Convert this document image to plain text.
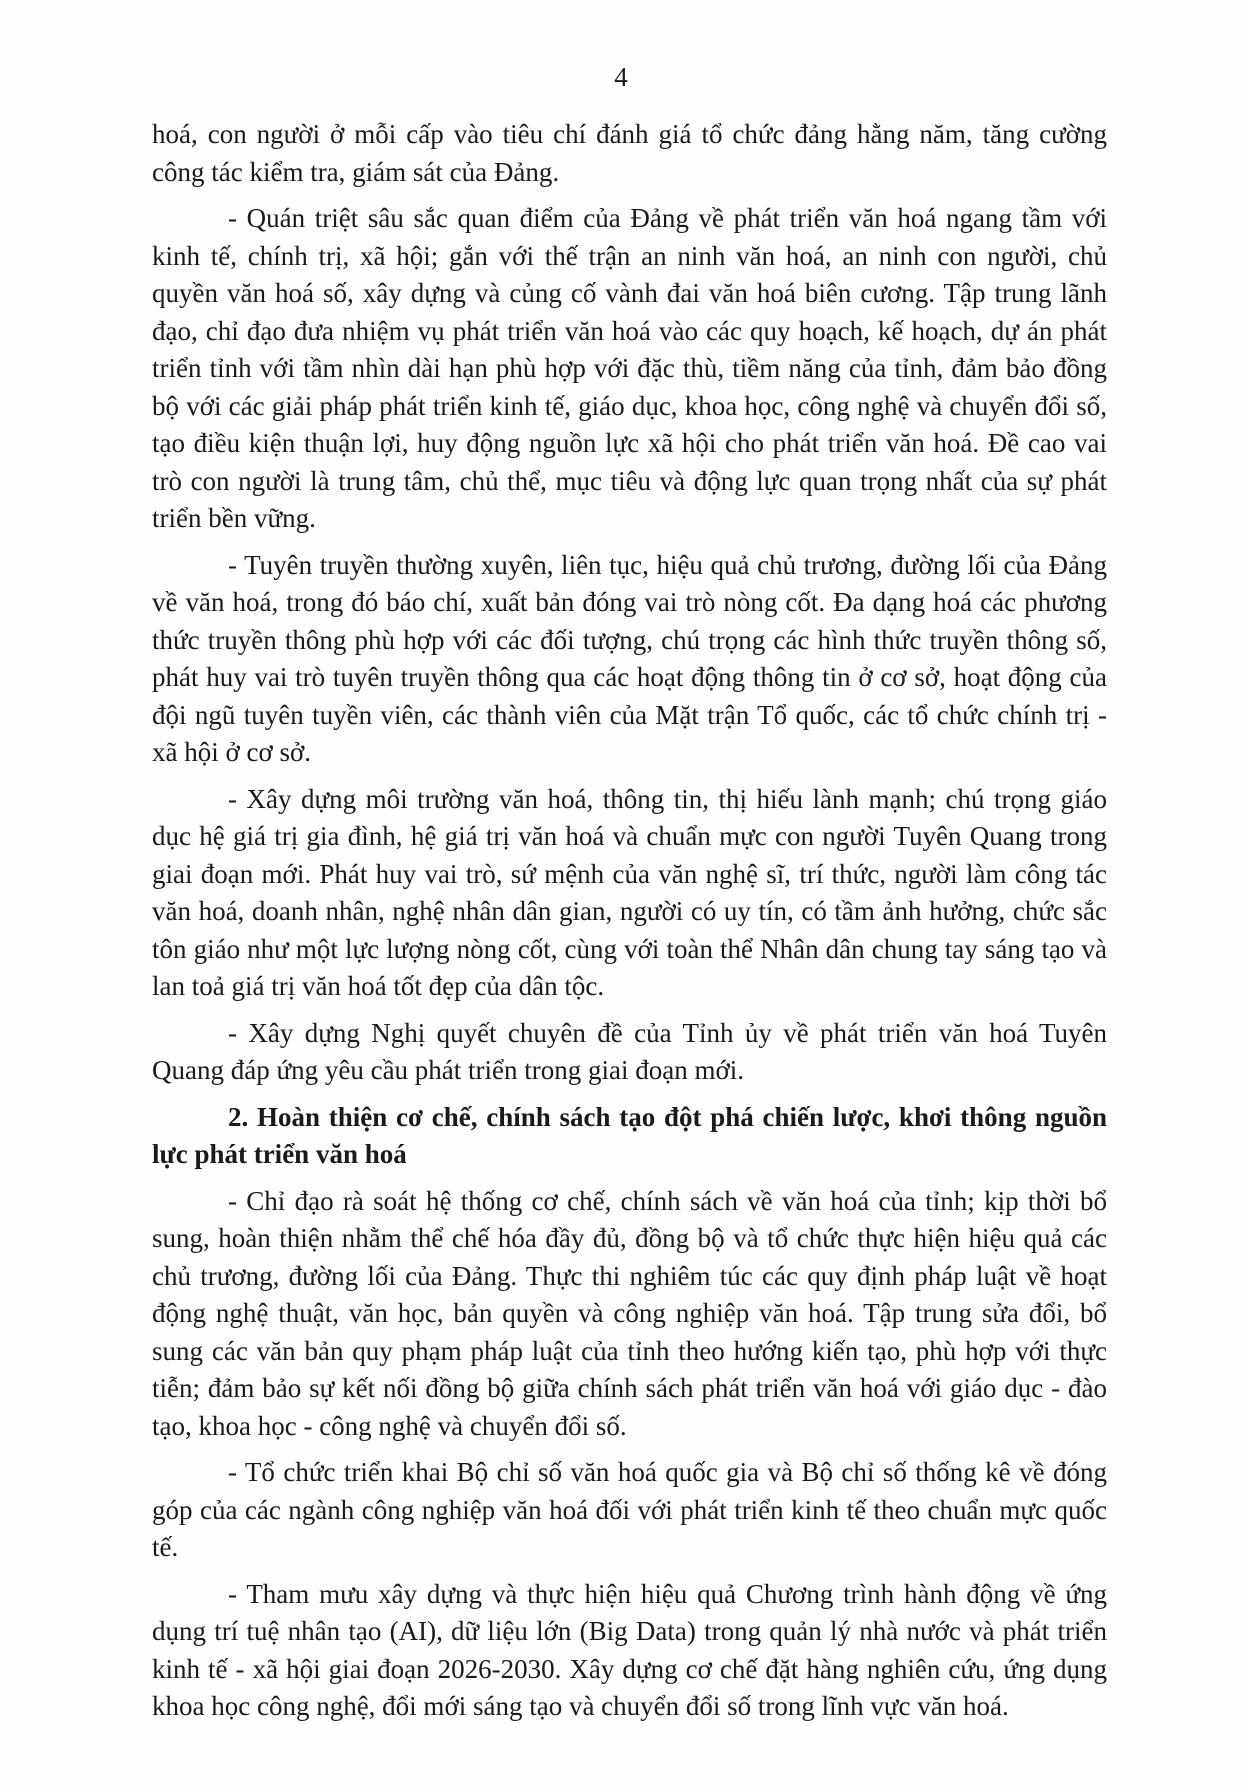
4

hoá, con người ở mỗi cấp vào tiêu chí đánh giá tổ chức đảng hằng năm, tăng cường công tác kiểm tra, giám sát của Đảng.

- Quán triệt sâu sắc quan điểm của Đảng về phát triển văn hoá ngang tầm với kinh tế, chính trị, xã hội; gắn với thế trận an ninh văn hoá, an ninh con người, chủ quyền văn hoá số, xây dựng và củng cố vành đai văn hoá biên cương. Tập trung lãnh đạo, chỉ đạo đưa nhiệm vụ phát triển văn hoá vào các quy hoạch, kế hoạch, dự án phát triển tỉnh với tầm nhìn dài hạn phù hợp với đặc thù, tiềm năng của tỉnh, đảm bảo đồng bộ với các giải pháp phát triển kinh tế, giáo dục, khoa học, công nghệ và chuyển đổi số, tạo điều kiện thuận lợi, huy động nguồn lực xã hội cho phát triển văn hoá. Đề cao vai trò con người là trung tâm, chủ thể, mục tiêu và động lực quan trọng nhất của sự phát triển bền vững.

- Tuyên truyền thường xuyên, liên tục, hiệu quả chủ trương, đường lối của Đảng về văn hoá, trong đó báo chí, xuất bản đóng vai trò nòng cốt. Đa dạng hoá các phương thức truyền thông phù hợp với các đối tượng, chú trọng các hình thức truyền thông số, phát huy vai trò tuyên truyền thông qua các hoạt động thông tin ở cơ sở, hoạt động của đội ngũ tuyên tuyền viên, các thành viên của Mặt trận Tổ quốc, các tổ chức chính trị - xã hội ở cơ sở.

- Xây dựng môi trường văn hoá, thông tin, thị hiếu lành mạnh; chú trọng giáo dục hệ giá trị gia đình, hệ giá trị văn hoá và chuẩn mực con người Tuyên Quang trong giai đoạn mới. Phát huy vai trò, sứ mệnh của văn nghệ sĩ, trí thức, người làm công tác văn hoá, doanh nhân, nghệ nhân dân gian, người có uy tín, có tầm ảnh hưởng, chức sắc tôn giáo như một lực lượng nòng cốt, cùng với toàn thể Nhân dân chung tay sáng tạo và lan toả giá trị văn hoá tốt đẹp của dân tộc.

- Xây dựng Nghị quyết chuyên đề của Tỉnh ủy về phát triển văn hoá Tuyên Quang đáp ứng yêu cầu phát triển trong giai đoạn mới.

2. Hoàn thiện cơ chế, chính sách tạo đột phá chiến lược, khơi thông nguồn lực phát triển văn hoá

- Chỉ đạo rà soát hệ thống cơ chế, chính sách về văn hoá của tỉnh; kịp thời bổ sung, hoàn thiện nhằm thể chế hóa đầy đủ, đồng bộ và tổ chức thực hiện hiệu quả các chủ trương, đường lối của Đảng. Thực thi nghiêm túc các quy định pháp luật về hoạt động nghệ thuật, văn học, bản quyền và công nghiệp văn hoá. Tập trung sửa đổi, bổ sung các văn bản quy phạm pháp luật của tỉnh theo hướng kiến tạo, phù hợp với thực tiễn; đảm bảo sự kết nối đồng bộ giữa chính sách phát triển văn hoá với giáo dục - đào tạo, khoa học - công nghệ và chuyển đổi số.

- Tổ chức triển khai Bộ chỉ số văn hoá quốc gia và Bộ chỉ số thống kê về đóng góp của các ngành công nghiệp văn hoá đối với phát triển kinh tế theo chuẩn mực quốc tế.

- Tham mưu xây dựng và thực hiện hiệu quả Chương trình hành động về ứng dụng trí tuệ nhân tạo (AI), dữ liệu lớn (Big Data) trong quản lý nhà nước và phát triển kinh tế - xã hội giai đoạn 2026-2030. Xây dựng cơ chế đặt hàng nghiên cứu, ứng dụng khoa học công nghệ, đổi mới sáng tạo và chuyển đổi số trong lĩnh vực văn hoá.
